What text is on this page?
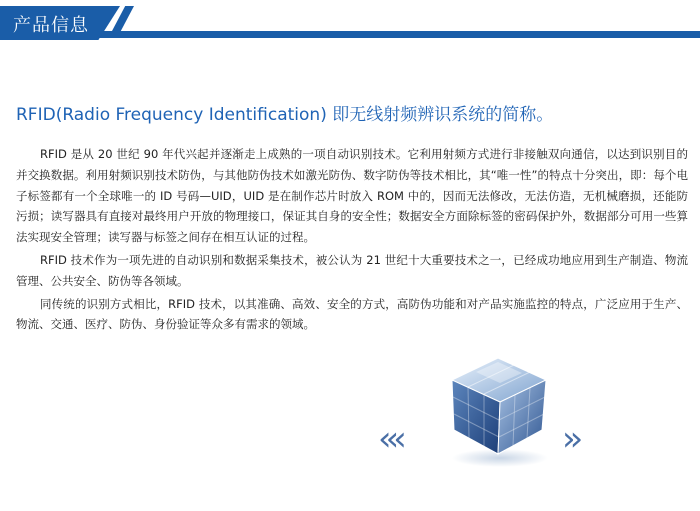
产品信息
RFID(Radio Frequency Identification) 即无线射频辨识系统的简称。

RFID 是从 20 世纪 90 年代兴起并逐渐走上成熟的一项自动识别技术。它利用射频方式进行非接触双向通信，以达到识别目的并交换数据。利用射频识别技术防伪，与其他防伪技术如激光防伪、数字防伪等技术相比，其“唯一性”的特点十分突出，即：每个电子标签都有一个全球唯一的 ID 号码—UID，UID 是在制作芯片时放入 ROM 中的，因而无法修改，无法仿造，无机械磨损，还能防污损；读写器具有直接对最终用户开放的物理接口，保证其自身的安全性；数据安全方面除标签的密码保护外，数据部分可用一些算法实现安全管理；读写器与标签之间存在相互认证的过程。

RFID 技术作为一项先进的自动识别和数据采集技术，被公认为 21 世纪十大重要技术之一，已经成功地应用到生产制造、物流管理、公共安全、防伪等各领域。

同传统的识别方式相比，RFID 技术，以其准确、高效、安全的方式，高防伪功能和对产品实施监控的特点，广泛应用于生产、物流、交通、医疗、防伪、身份验证等众多有需求的领域。

‹‹‹	››
